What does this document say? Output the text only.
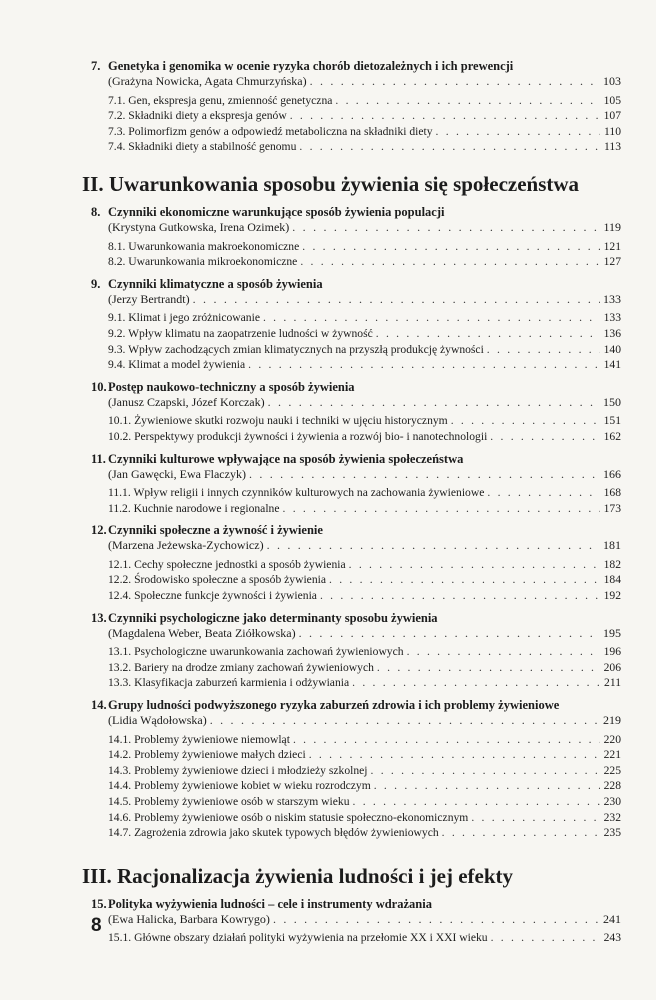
7. Genetyka i genomika w ocenie ryzyka chorób dietozależnych i ich prewencji
(Grażyna Nowicka, Agata Chmurzyńska) . . .	103
7.1. Gen, ekspresja genu, zmienność genetyczna . . .	105
7.2. Składniki diety a ekspresja genów . . .	107
7.3. Polimorfizm genów a odpowiedź metaboliczna na składniki diety . . .	110
7.4. Składniki diety a stabilność genomu . . .	113
II. Uwarunkowania sposobu żywienia się społeczeństwa
8. Czynniki ekonomiczne warunkujące sposób żywienia populacji
(Krystyna Gutkowska, Irena Ozimek) . . .	119
8.1. Uwarunkowania makroekonomiczne . . .	121
8.2. Uwarunkowania mikroekonomiczne . . .	127
9. Czynniki klimatyczne a sposób żywienia
(Jerzy Bertrandt) . . .	133
9.1. Klimat i jego zróżnicowanie . . .	133
9.2. Wpływ klimatu na zaopatrzenie ludności w żywność . . .	136
9.3. Wpływ zachodzących zmian klimatycznych na przyszłą produkcję żywności . . .	140
9.4. Klimat a model żywienia . . .	141
10.Postęp naukowo-techniczny a sposób żywienia
(Janusz Czapski, Józef Korczak) . . .	150
10.1. Żywieniowe skutki rozwoju nauki i techniki w ujęciu historycznym . . .	151
10.2. Perspektywy produkcji żywności i żywienia a rozwój bio- i nanotechnologii . . .	162
11. Czynniki kulturowe wpływające na sposób żywienia społeczeństwa
(Jan Gawęcki, Ewa Flaczyk) . . .	166
11.1. Wpływ religii i innych czynników kulturowych na zachowania żywieniowe . . .	168
11.2. Kuchnie narodowe i regionalne . . .	173
12.Czynniki społeczne a żywność i żywienie
(Marzena Jeżewska-Zychowicz) . . .	181
12.1. Cechy społeczne jednostki a sposób żywienia . . .	182
12.2. Środowisko społeczne a sposób żywienia . . .	184
12.4. Społeczne funkcje żywności i żywienia . . .	192
13.Czynniki psychologiczne jako determinanty sposobu żywienia
(Magdalena Weber, Beata Ziółkowska) . . .	195
13.1. Psychologiczne uwarunkowania zachowań żywieniowych . . .	196
13.2. Bariery na drodze zmiany zachowań żywieniowych . . .	206
13.3. Klasyfikacja zaburzeń karmienia i odżywiania . . .	211
14.Grupy ludności podwyższonego ryzyka zaburzeń zdrowia i ich problemy żywieniowe
(Lidia Wądołowska) . . .	219
14.1. Problemy żywieniowe niemowląt . . .	220
14.2. Problemy żywieniowe małych dzieci . . .	221
14.3. Problemy żywieniowe dzieci i młodzieży szkolnej . . .	225
14.4. Problemy żywieniowe kobiet w wieku rozrodczym . . .	228
14.5. Problemy żywieniowe osób w starszym wieku . . .	230
14.6. Problemy żywieniowe osób o niskim statusie społeczno-ekonomicznym . . .	232
14.7. Zagrożenia zdrowia jako skutek typowych błędów żywieniowych . . .	235
III. Racjonalizacja żywienia ludności i jej efekty
15.Polityka wyżywienia ludności – cele i instrumenty wdrażania
(Ewa Halicka, Barbara Kowrygo) . . .	241
15.1. Główne obszary działań polityki wyżywienia na przełomie XX i XXI wieku . . .	243
8
